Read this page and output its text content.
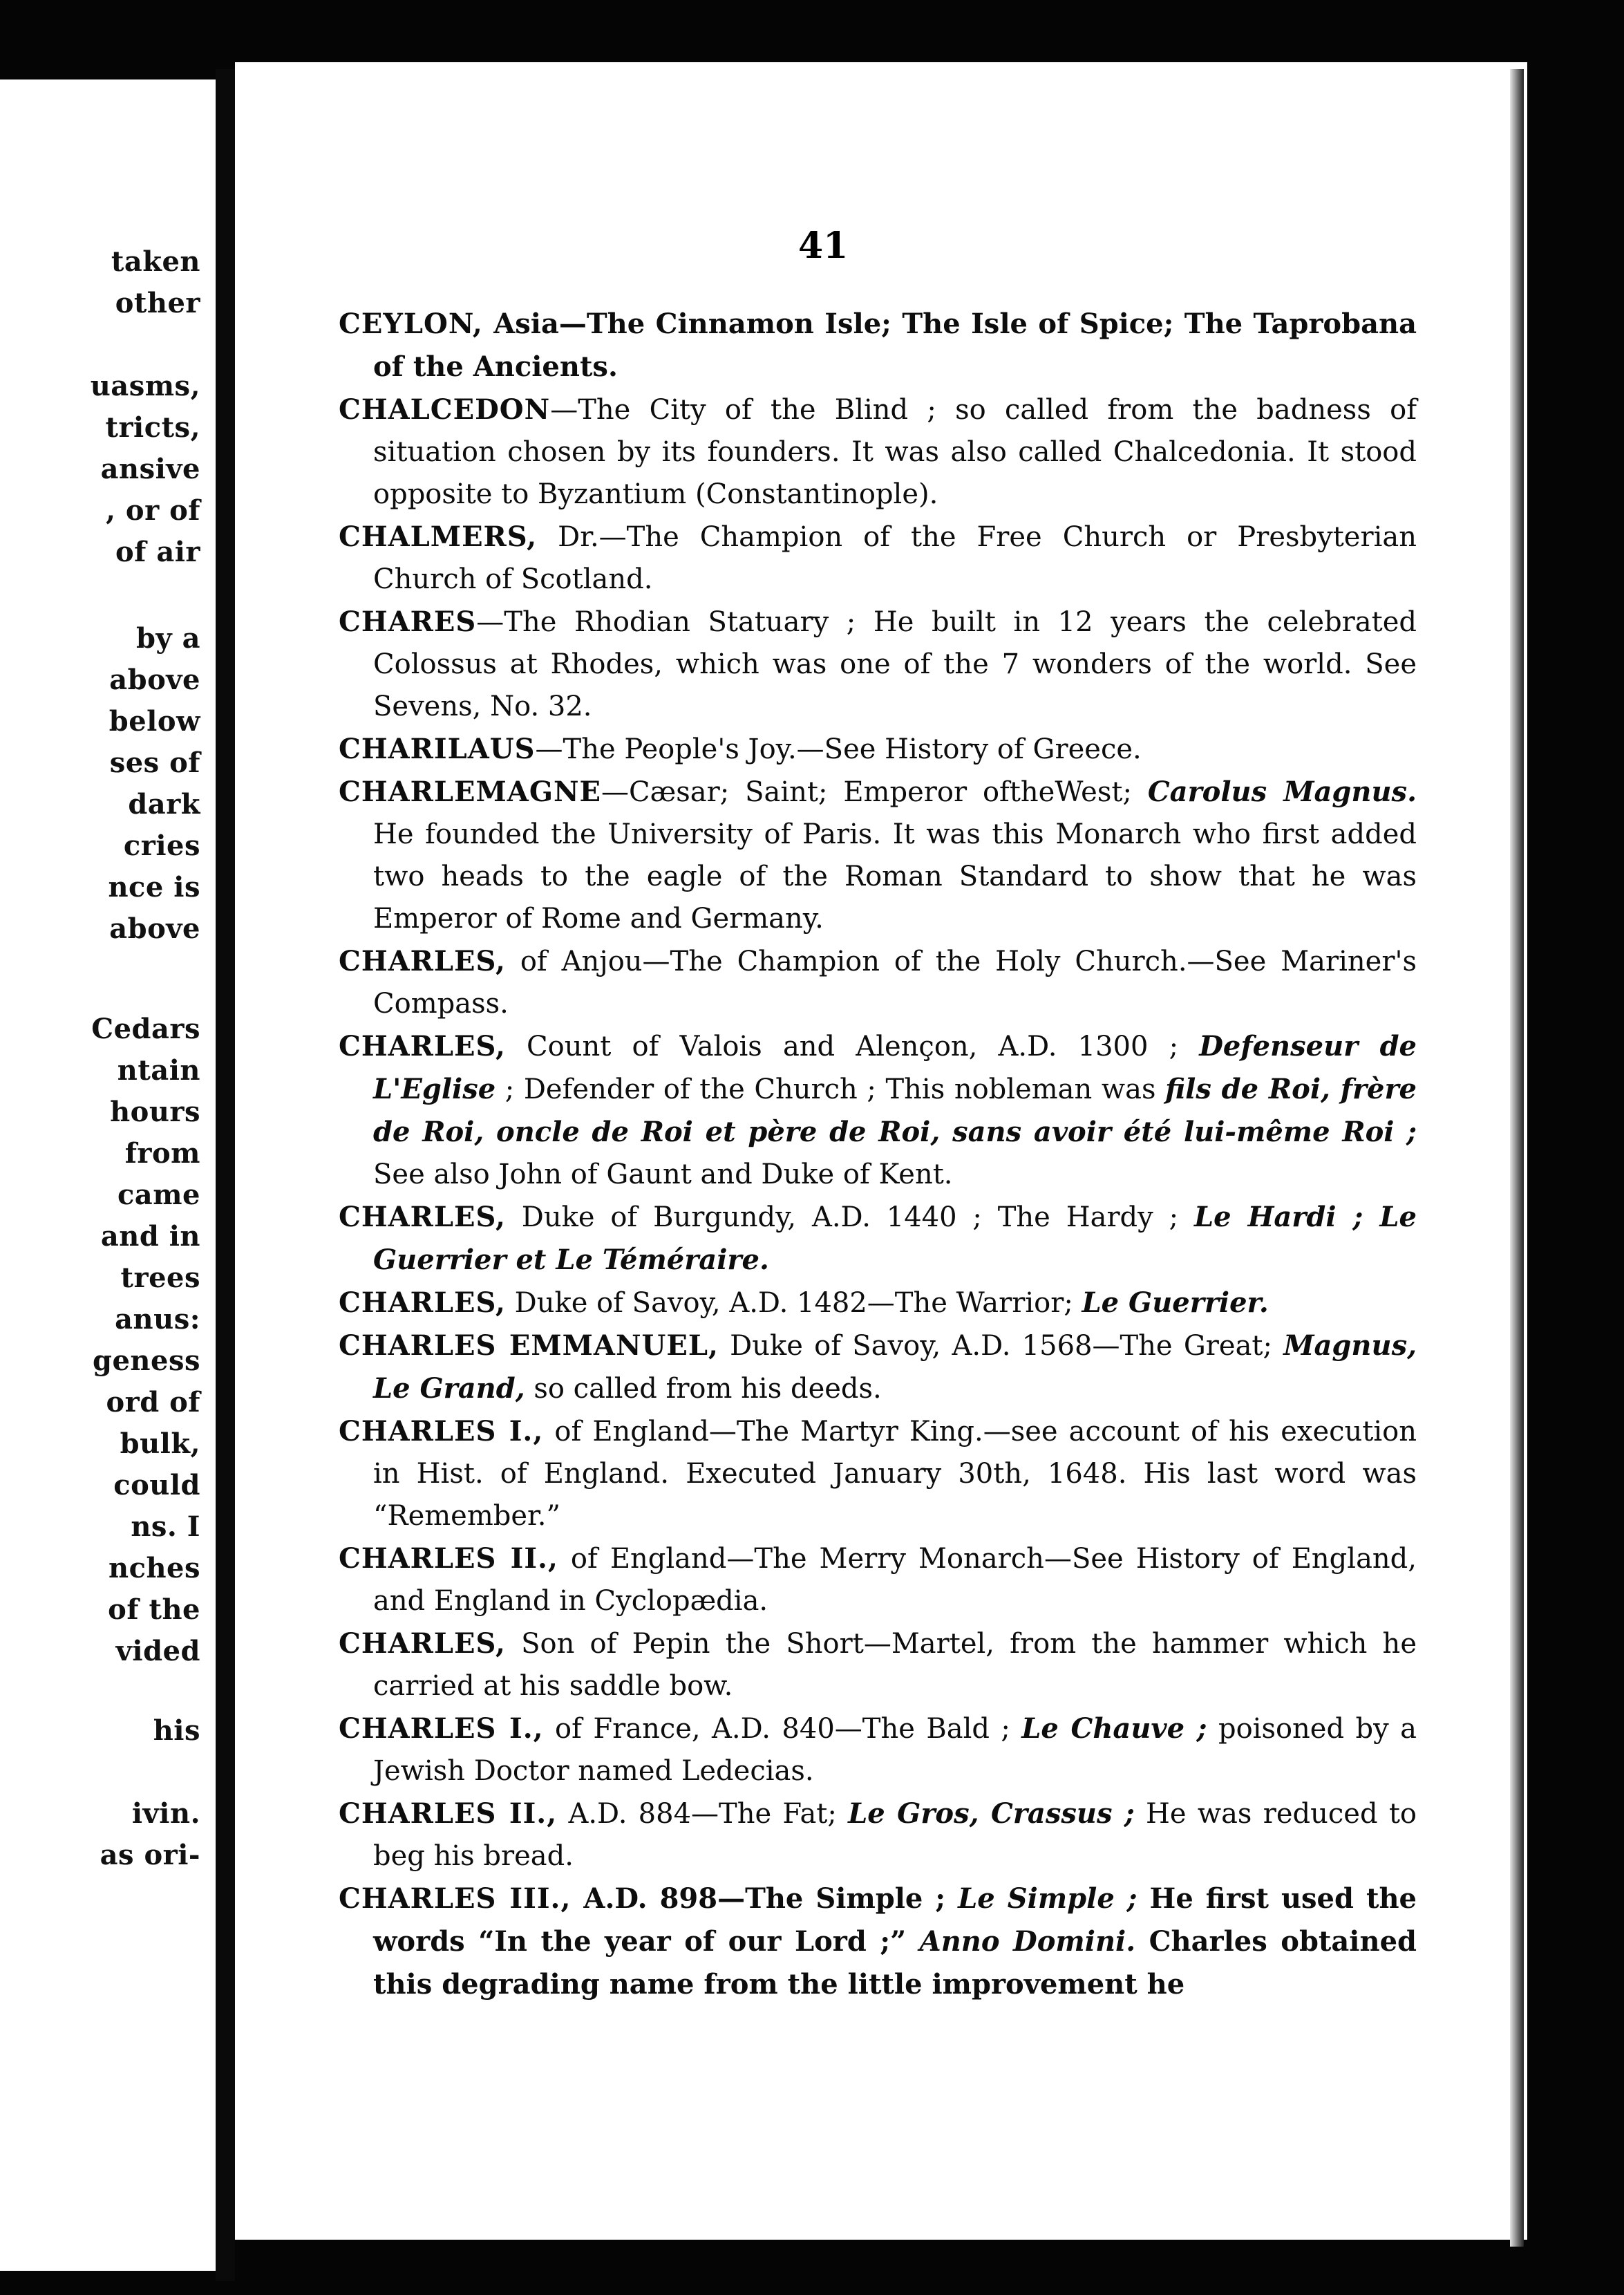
taken
other
uasms,
tricts,
ansive
, or of
of air
by a
above
below
ses of
dark
cries
nce is
above
Cedars
ntain
hours
from
came
and in
trees
anus:
geness
ord of
bulk,
could
ns. I
nches
of the
vided
his
ivin.
as ori-
41

CEYLON, Asia—The Cinnamon Isle; The Isle of Spice; The Taprobana of the Ancients.

CHALCEDON—The City of the Blind ; so called from the badness of situation chosen by its founders. It was also called Chalcedonia. It stood opposite to Byzantium (Constantinople).

CHALMERS, Dr.—The Champion of the Free Church or Presbyterian Church of Scotland.

CHARES—The Rhodian Statuary ; He built in 12 years the celebrated Colossus at Rhodes, which was one of the 7 wonders of the world. See Sevens, No. 32.

CHARILAUS—The People's Joy.—See History of Greece.

CHARLEMAGNE—Cæsar; Saint; Emperor oftheWest; Carolus Magnus. He founded the University of Paris. It was this Monarch who first added two heads to the eagle of the Roman Standard to show that he was Emperor of Rome and Germany.

CHARLES, of Anjou—The Champion of the Holy Church.—See Mariner's Compass.

CHARLES, Count of Valois and Alençon, A.D. 1300 ; Defenseur de L'Eglise ; Defender of the Church ; This nobleman was fils de Roi, frère de Roi, oncle de Roi et père de Roi, sans avoir été lui-même Roi ; See also John of Gaunt and Duke of Kent.

CHARLES, Duke of Burgundy, A.D. 1440 ; The Hardy ; Le Hardi ; Le Guerrier et Le Téméraire.

CHARLES, Duke of Savoy, A.D. 1482—The Warrior; Le Guerrier.

CHARLES EMMANUEL, Duke of Savoy, A.D. 1568—The Great; Magnus, Le Grand, so called from his deeds.

CHARLES I., of England—The Martyr King.—see account of his execution in Hist. of England. Executed January 30th, 1648. His last word was “Remember.”

CHARLES II., of England—The Merry Monarch—See History of England, and England in Cyclopædia.

CHARLES, Son of Pepin the Short—Martel, from the hammer which he carried at his saddle bow.

CHARLES I., of France, A.D. 840—The Bald ; Le Chauve ; poisoned by a Jewish Doctor named Ledecias.

CHARLES II., A.D. 884—The Fat; Le Gros, Crassus ; He was reduced to beg his bread.

CHARLES III., A.D. 898—The Simple ; Le Simple ; He first used the words “In the year of our Lord ;” Anno Domini. Charles obtained this degrading name from the little improvement he
